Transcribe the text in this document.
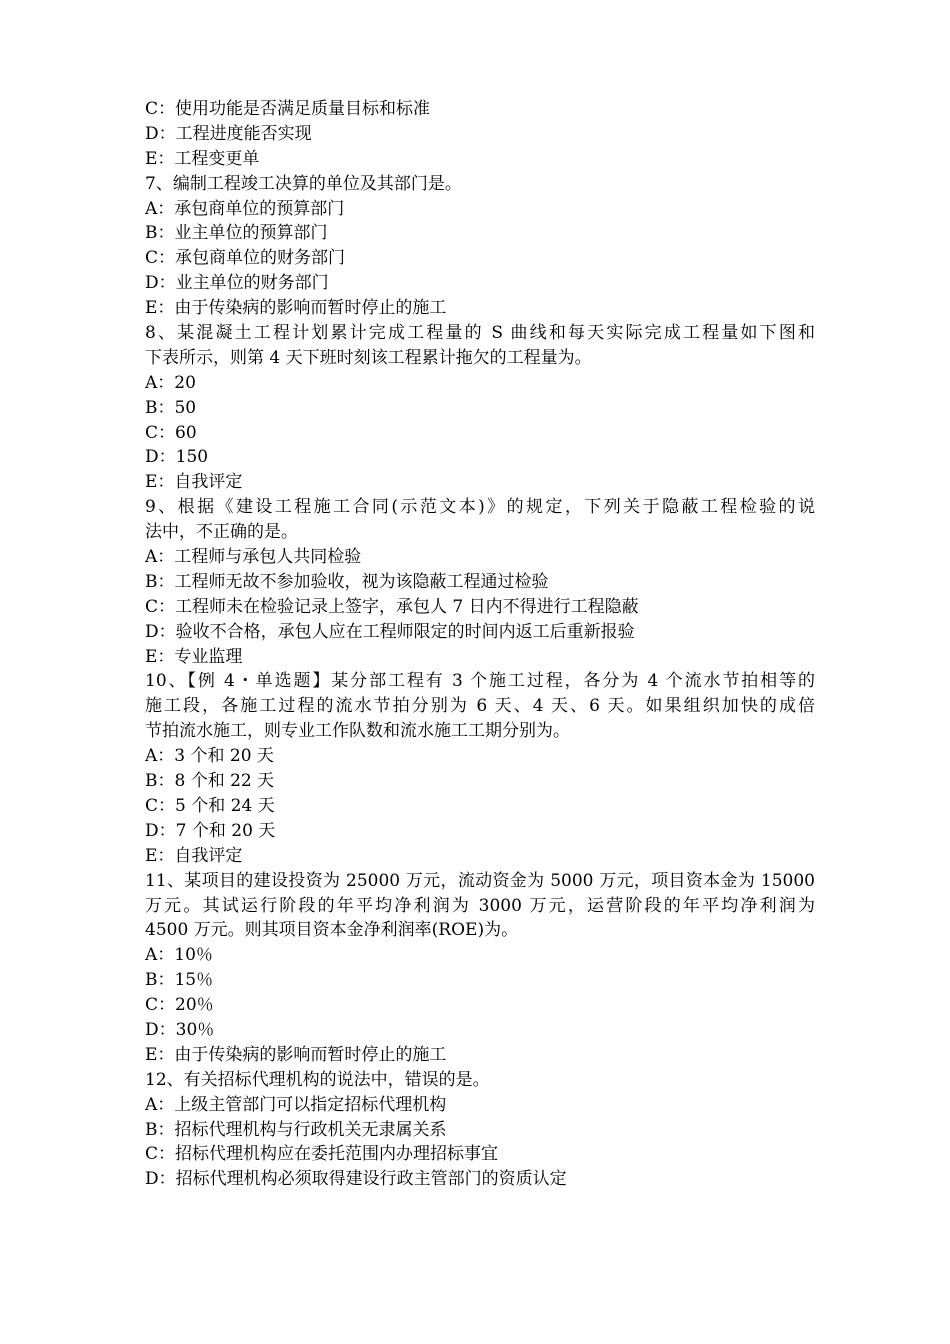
C：使用功能是否满足质量目标和标准
D：工程进度能否实现
E：工程变更单
7、编制工程竣工决算的单位及其部门是。
A：承包商单位的预算部门
B：业主单位的预算部门
C：承包商单位的财务部门
D：业主单位的财务部门
E：由于传染病的影响而暂时停止的施工
8、某混凝土工程计划累计完成工程量的 S 曲线和每天实际完成工程量如下图和
下表所示，则第 4 天下班时刻该工程累计拖欠的工程量为。
A：20
B：50
C：60
D：150
E：自我评定
9、根据《建设工程施工合同(示范文本)》的规定，下列关于隐蔽工程检验的说
法中，不正确的是。
A：工程师与承包人共同检验
B：工程师无故不参加验收，视为该隐蔽工程通过检验
C：工程师未在检验记录上签字，承包人 7 日内不得进行工程隐蔽
D：验收不合格，承包人应在工程师限定的时间内返工后重新报验
E：专业监理
10、【例 4・单选题】某分部工程有 3 个施工过程，各分为 4 个流水节拍相等的
施工段，各施工过程的流水节拍分别为 6 天、4 天、6 天。如果组织加快的成倍
节拍流水施工，则专业工作队数和流水施工工期分别为。
A：3 个和 20 天
B：8 个和 22 天
C：5 个和 24 天
D：7 个和 20 天
E：自我评定
11、某项目的建设投资为 25000 万元，流动资金为 5000 万元，项目资本金为 15000
万元。其试运行阶段的年平均净利润为 3000 万元，运营阶段的年平均净利润为
4500 万元。则其项目资本金净利润率(ROE)为。
A：10％
B：15％
C：20％
D：30％
E：由于传染病的影响而暂时停止的施工
12、有关招标代理机构的说法中，错误的是。
A：上级主管部门可以指定招标代理机构
B：招标代理机构与行政机关无隶属关系
C：招标代理机构应在委托范围内办理招标事宜
D：招标代理机构必须取得建设行政主管部门的资质认定
